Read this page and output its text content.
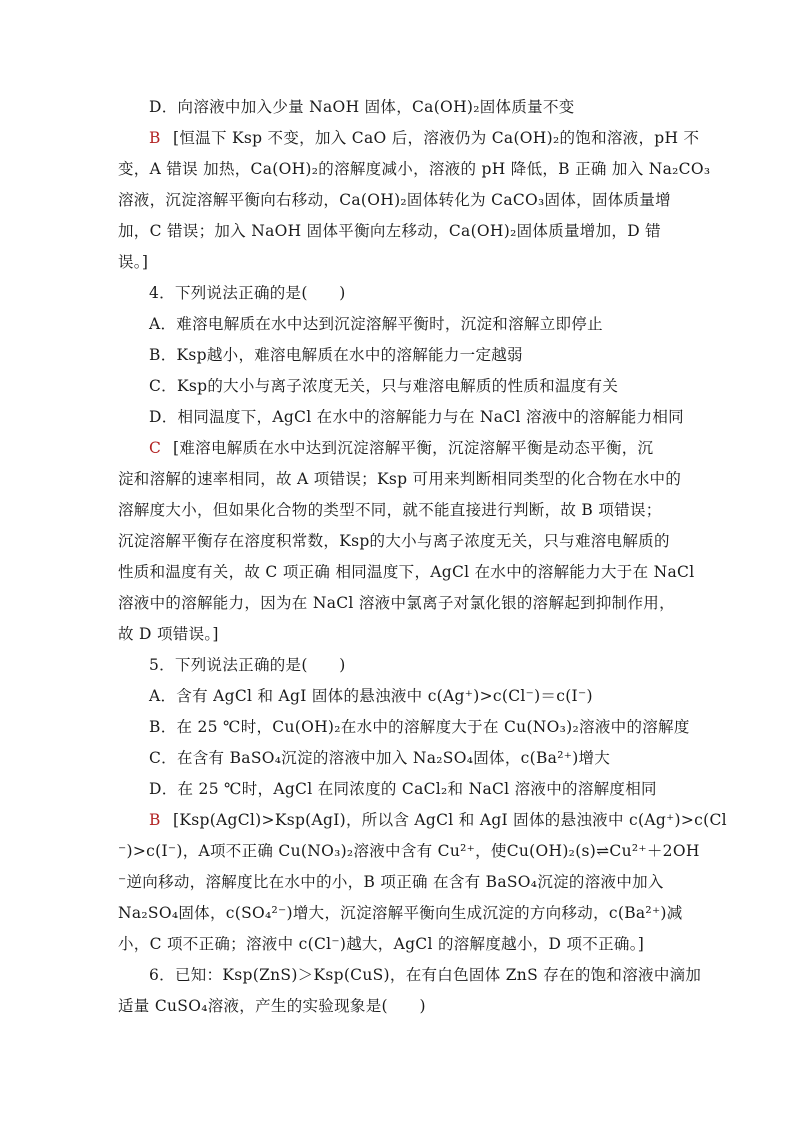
D．向溶液中加入少量 NaOH 固体，Ca(OH)₂固体质量不变
B [恒温下 Ksp 不变，加入 CaO 后，溶液仍为 Ca(OH)₂的饱和溶液，pH 不
变，A 错误 加热，Ca(OH)₂的溶解度减小，溶液的 pH 降低，B 正确 加入 Na₂CO₃
溶液，沉淀溶解平衡向右移动，Ca(OH)₂固体转化为 CaCO₃固体，固体质量增
加，C 错误；加入 NaOH 固体平衡向左移动，Ca(OH)₂固体质量增加，D 错
误。]
4．下列说法正确的是(　　)
A．难溶电解质在水中达到沉淀溶解平衡时，沉淀和溶解立即停止
B．Ksp越小，难溶电解质在水中的溶解能力一定越弱
C．Ksp的大小与离子浓度无关，只与难溶电解质的性质和温度有关
D．相同温度下，AgCl 在水中的溶解能力与在 NaCl 溶液中的溶解能力相同
C [难溶电解质在水中达到沉淀溶解平衡，沉淀溶解平衡是动态平衡，沉
淀和溶解的速率相同，故 A 项错误；Ksp 可用来判断相同类型的化合物在水中的
溶解度大小，但如果化合物的类型不同，就不能直接进行判断，故 B 项错误；
沉淀溶解平衡存在溶度积常数，Ksp的大小与离子浓度无关，只与难溶电解质的
性质和温度有关，故 C 项正确 相同温度下，AgCl 在水中的溶解能力大于在 NaCl
溶液中的溶解能力，因为在 NaCl 溶液中氯离子对氯化银的溶解起到抑制作用，
故 D 项错误。]
5．下列说法正确的是(　　)
A．含有 AgCl 和 AgI 固体的悬浊液中 c(Ag⁺)>c(Cl⁻)＝c(I⁻)
B．在 25 ℃时，Cu(OH)₂在水中的溶解度大于在 Cu(NO₃)₂溶液中的溶解度
C．在含有 BaSO₄沉淀的溶液中加入 Na₂SO₄固体，c(Ba²⁺)增大
D．在 25 ℃时，AgCl 在同浓度的 CaCl₂和 NaCl 溶液中的溶解度相同
B [Ksp(AgCl)>Ksp(AgI)，所以含 AgCl 和 AgI 固体的悬浊液中 c(Ag⁺)>c(Cl
⁻)>c(I⁻)，A项不正确 Cu(NO₃)₂溶液中含有 Cu²⁺，使Cu(OH)₂(s)⇌Cu²⁺＋2OH
⁻逆向移动，溶解度比在水中的小，B 项正确 在含有 BaSO₄沉淀的溶液中加入
Na₂SO₄固体，c(SO₄²⁻)增大，沉淀溶解平衡向生成沉淀的方向移动，c(Ba²⁺)减
小，C 项不正确；溶液中 c(Cl⁻)越大，AgCl 的溶解度越小，D 项不正确。]
6．已知：Ksp(ZnS)＞Ksp(CuS)，在有白色固体 ZnS 存在的饱和溶液中滴加
适量 CuSO₄溶液，产生的实验现象是(　　)
